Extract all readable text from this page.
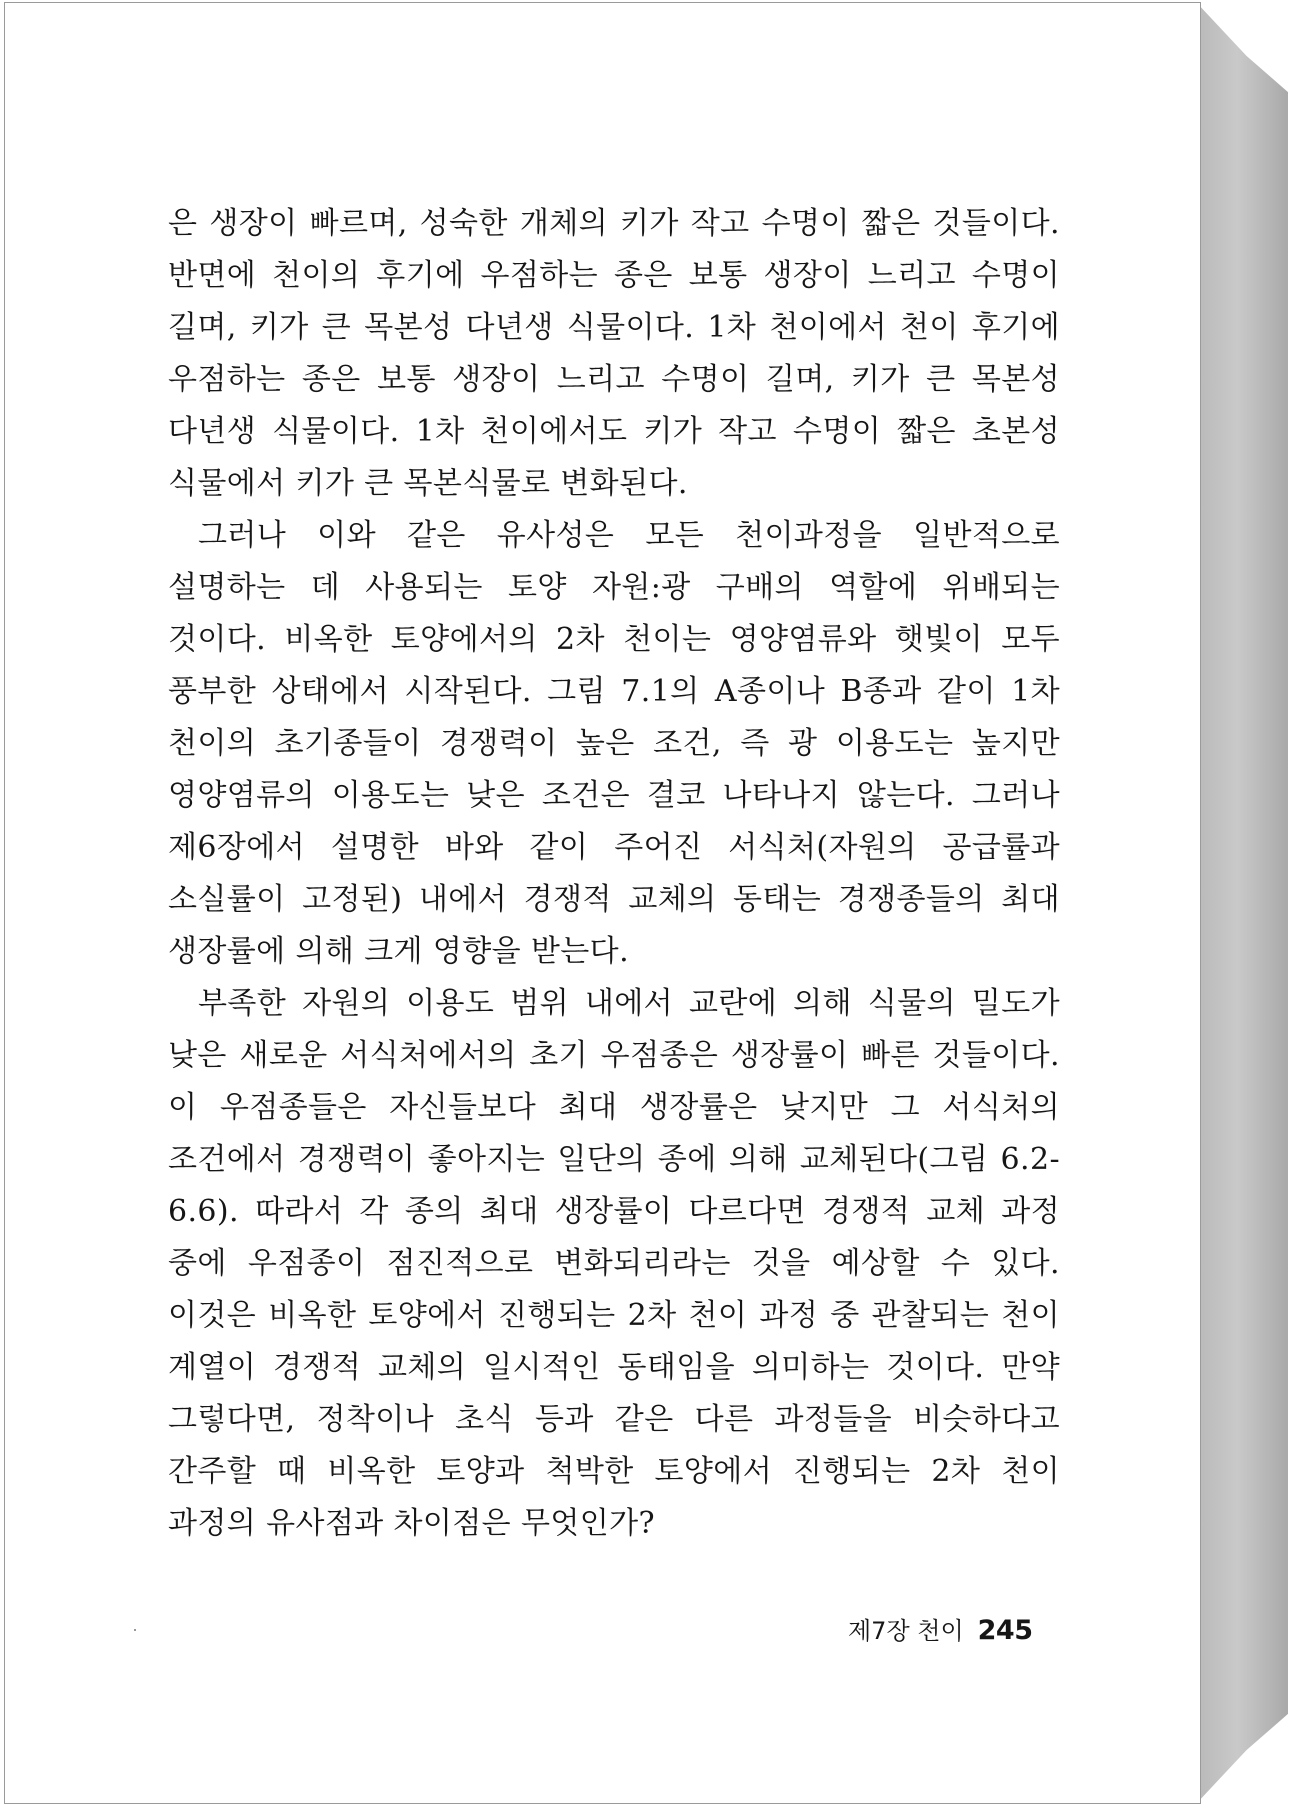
은 생장이 빠르며, 성숙한 개체의 키가 작고 수명이 짧은 것들이다. 반면에 천이의 후기에 우점하는 종은 보통 생장이 느리고 수명이 길며, 키가 큰 목본성 다년생 식물이다. 1차 천이에서 천이 후기에 우점하는 종은 보통 생장이 느리고 수명이 길며, 키가 큰 목본성 다년생 식물이다. 1차 천이에서도 키가 작고 수명이 짧은 초본성 식물에서 키가 큰 목본식물로 변화된다.

그러나 이와 같은 유사성은 모든 천이과정을 일반적으로 설명하는 데 사용되는 토양 자원:광 구배의 역할에 위배되는 것이다. 비옥한 토양에서의 2차 천이는 영양염류와 햇빛이 모두 풍부한 상태에서 시작된다. 그림 7.1의 A종이나 B종과 같이 1차 천이의 초기종들이 경쟁력이 높은 조건, 즉 광 이용도는 높지만 영양염류의 이용도는 낮은 조건은 결코 나타나지 않는다. 그러나 제6장에서 설명한 바와 같이 주어진 서식처(자원의 공급률과 소실률이 고정된) 내에서 경쟁적 교체의 동태는 경쟁종들의 최대 생장률에 의해 크게 영향을 받는다.

부족한 자원의 이용도 범위 내에서 교란에 의해 식물의 밀도가 낮은 새로운 서식처에서의 초기 우점종은 생장률이 빠른 것들이다. 이 우점종들은 자신들보다 최대 생장률은 낮지만 그 서식처의 조건에서 경쟁력이 좋아지는 일단의 종에 의해 교체된다(그림 6.2-6.6). 따라서 각 종의 최대 생장률이 다르다면 경쟁적 교체 과정 중에 우점종이 점진적으로 변화되리라는 것을 예상할 수 있다. 이것은 비옥한 토양에서 진행되는 2차 천이 과정 중 관찰되는 천이 계열이 경쟁적 교체의 일시적인 동태임을 의미하는 것이다. 만약 그렇다면, 정착이나 초식 등과 같은 다른 과정들을 비슷하다고 간주할 때 비옥한 토양과 척박한 토양에서 진행되는 2차 천이 과정의 유사점과 차이점은 무엇인가?

제7장 천이 245
